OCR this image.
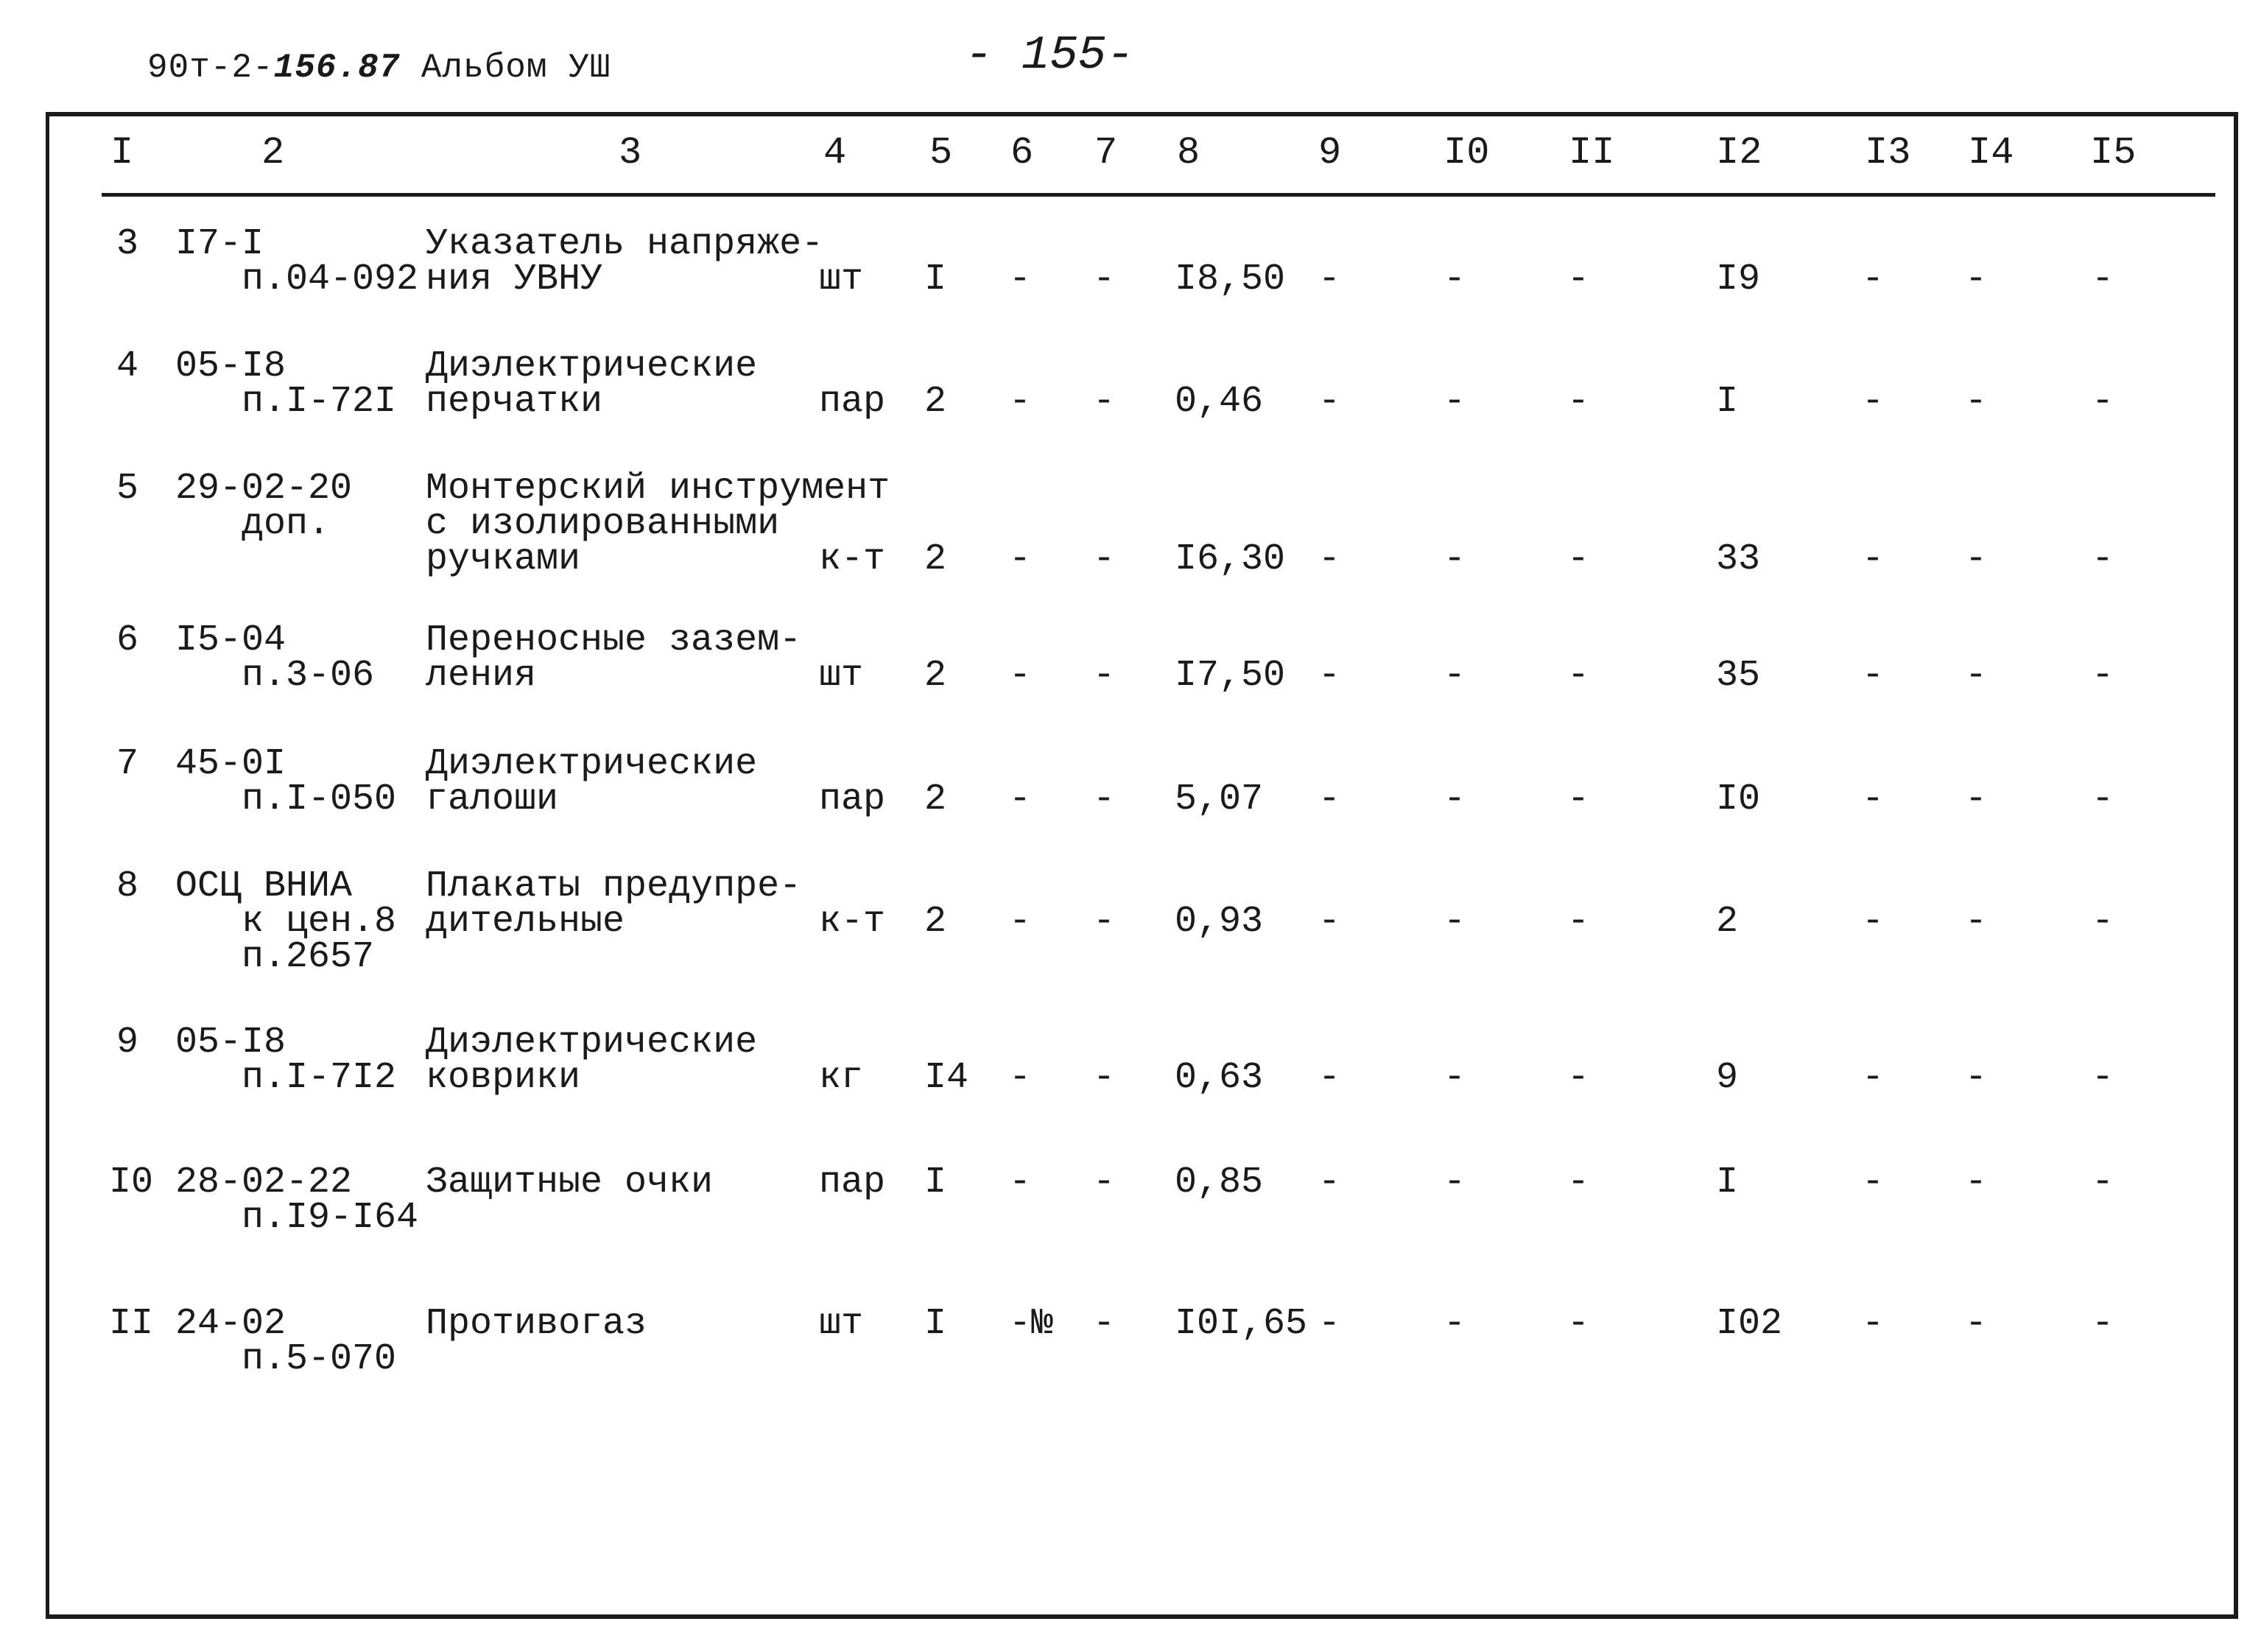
90т-2-156.87 Альбом УШ	- 155-
I	2	3	4 5 6 7 8	9	I0 II	I2	I3 I4 I5
3 I7-I
п.04-092
Указатель напряже-
ния УВНУ	шт I - - I8,50 -	-	-	I9	- -	-
4 05-I8
п.I-72I
Диэлектрические
перчатки	пар 2 - - 0,46 -	-	-	I	- -	-
5 29-02-20
доп.
Монтерский инструмент
с изолированными
ручками	к-т 2 - - I6,30 -	-	-	33	- -	-
6 I5-04
п.3-06
Переносные зазем-
ления	шт 2 - - I7,50 -	-	-	35	- -	-
7 45-0I
п.I-050
Диэлектрические
галоши	пар 2 - - 5,07 -	-	-	I0	- -	-
8 ОСЦ ВНИА
к цен.8
п.2657
Плакаты предупре-
дительные	к-т 2 - - 0,93 -	-	-	2	- -	-
9 05-I8
п.I-7I2
Диэлектрические
коврики	кг I4 - - 0,63 -	-	-	9	- -	-
I0 28-02-22
п.I9-I64
Защитные очки	пар I - - 0,85 -	-	-	I	- -	-
II 24-02
п.5-070
Противогаз	шт I -№ - I0I,65 -	-	-	I02 - -	-
